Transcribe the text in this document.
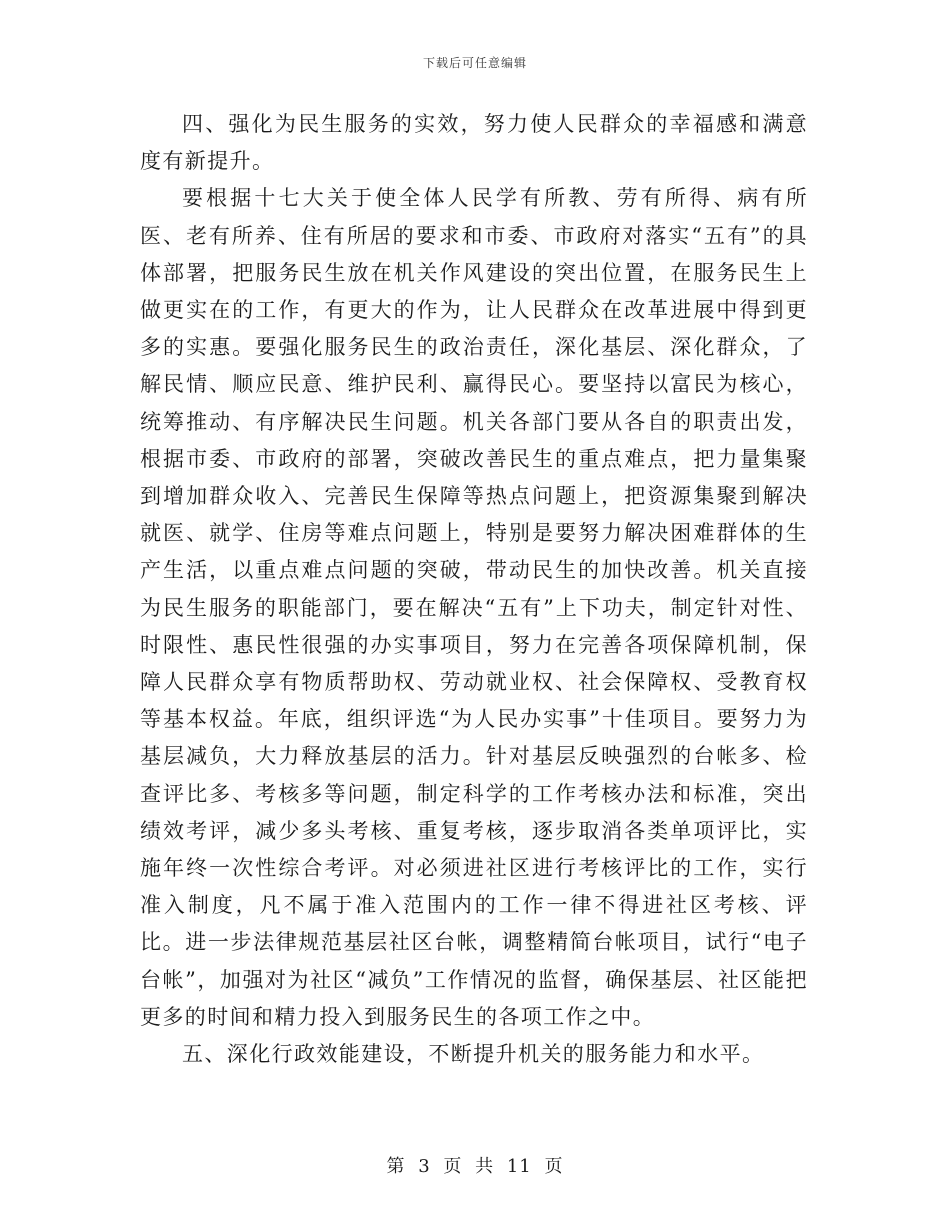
下载后可任意编辑

四、强化为民生服务的实效，努力使人民群众的幸福感和满意度有新提升。

要根据十七大关于使全体人民学有所教、劳有所得、病有所医、老有所养、住有所居的要求和市委、市政府对落实“五有”的具体部署，把服务民生放在机关作风建设的突出位置，在服务民生上做更实在的工作，有更大的作为，让人民群众在改革进展中得到更多的实惠。要强化服务民生的政治责任，深化基层、深化群众，了解民情、顺应民意、维护民利、赢得民心。要坚持以富民为核心，统筹推动、有序解决民生问题。机关各部门要从各自的职责出发，根据市委、市政府的部署，突破改善民生的重点难点，把力量集聚到增加群众收入、完善民生保障等热点问题上，把资源集聚到解决就医、就学、住房等难点问题上，特别是要努力解决困难群体的生产生活，以重点难点问题的突破，带动民生的加快改善。机关直接为民生服务的职能部门，要在解决“五有”上下功夫，制定针对性、时限性、惠民性很强的办实事项目，努力在完善各项保障机制，保障人民群众享有物质帮助权、劳动就业权、社会保障权、受教育权等基本权益。年底，组织评选“为人民办实事”十佳项目。要努力为基层减负，大力释放基层的活力。针对基层反映强烈的台帐多、检查评比多、考核多等问题，制定科学的工作考核办法和标准，突出绩效考评，减少多头考核、重复考核，逐步取消各类单项评比，实施年终一次性综合考评。对必须进社区进行考核评比的工作，实行准入制度，凡不属于准入范围内的工作一律不得进社区考核、评比。进一步法律规范基层社区台帐，调整精简台帐项目，试行“电子台帐”，加强对为社区“减负”工作情况的监督，确保基层、社区能把更多的时间和精力投入到服务民生的各项工作之中。

五、深化行政效能建设，不断提升机关的服务能力和水平。

第 3 页 共 11 页
